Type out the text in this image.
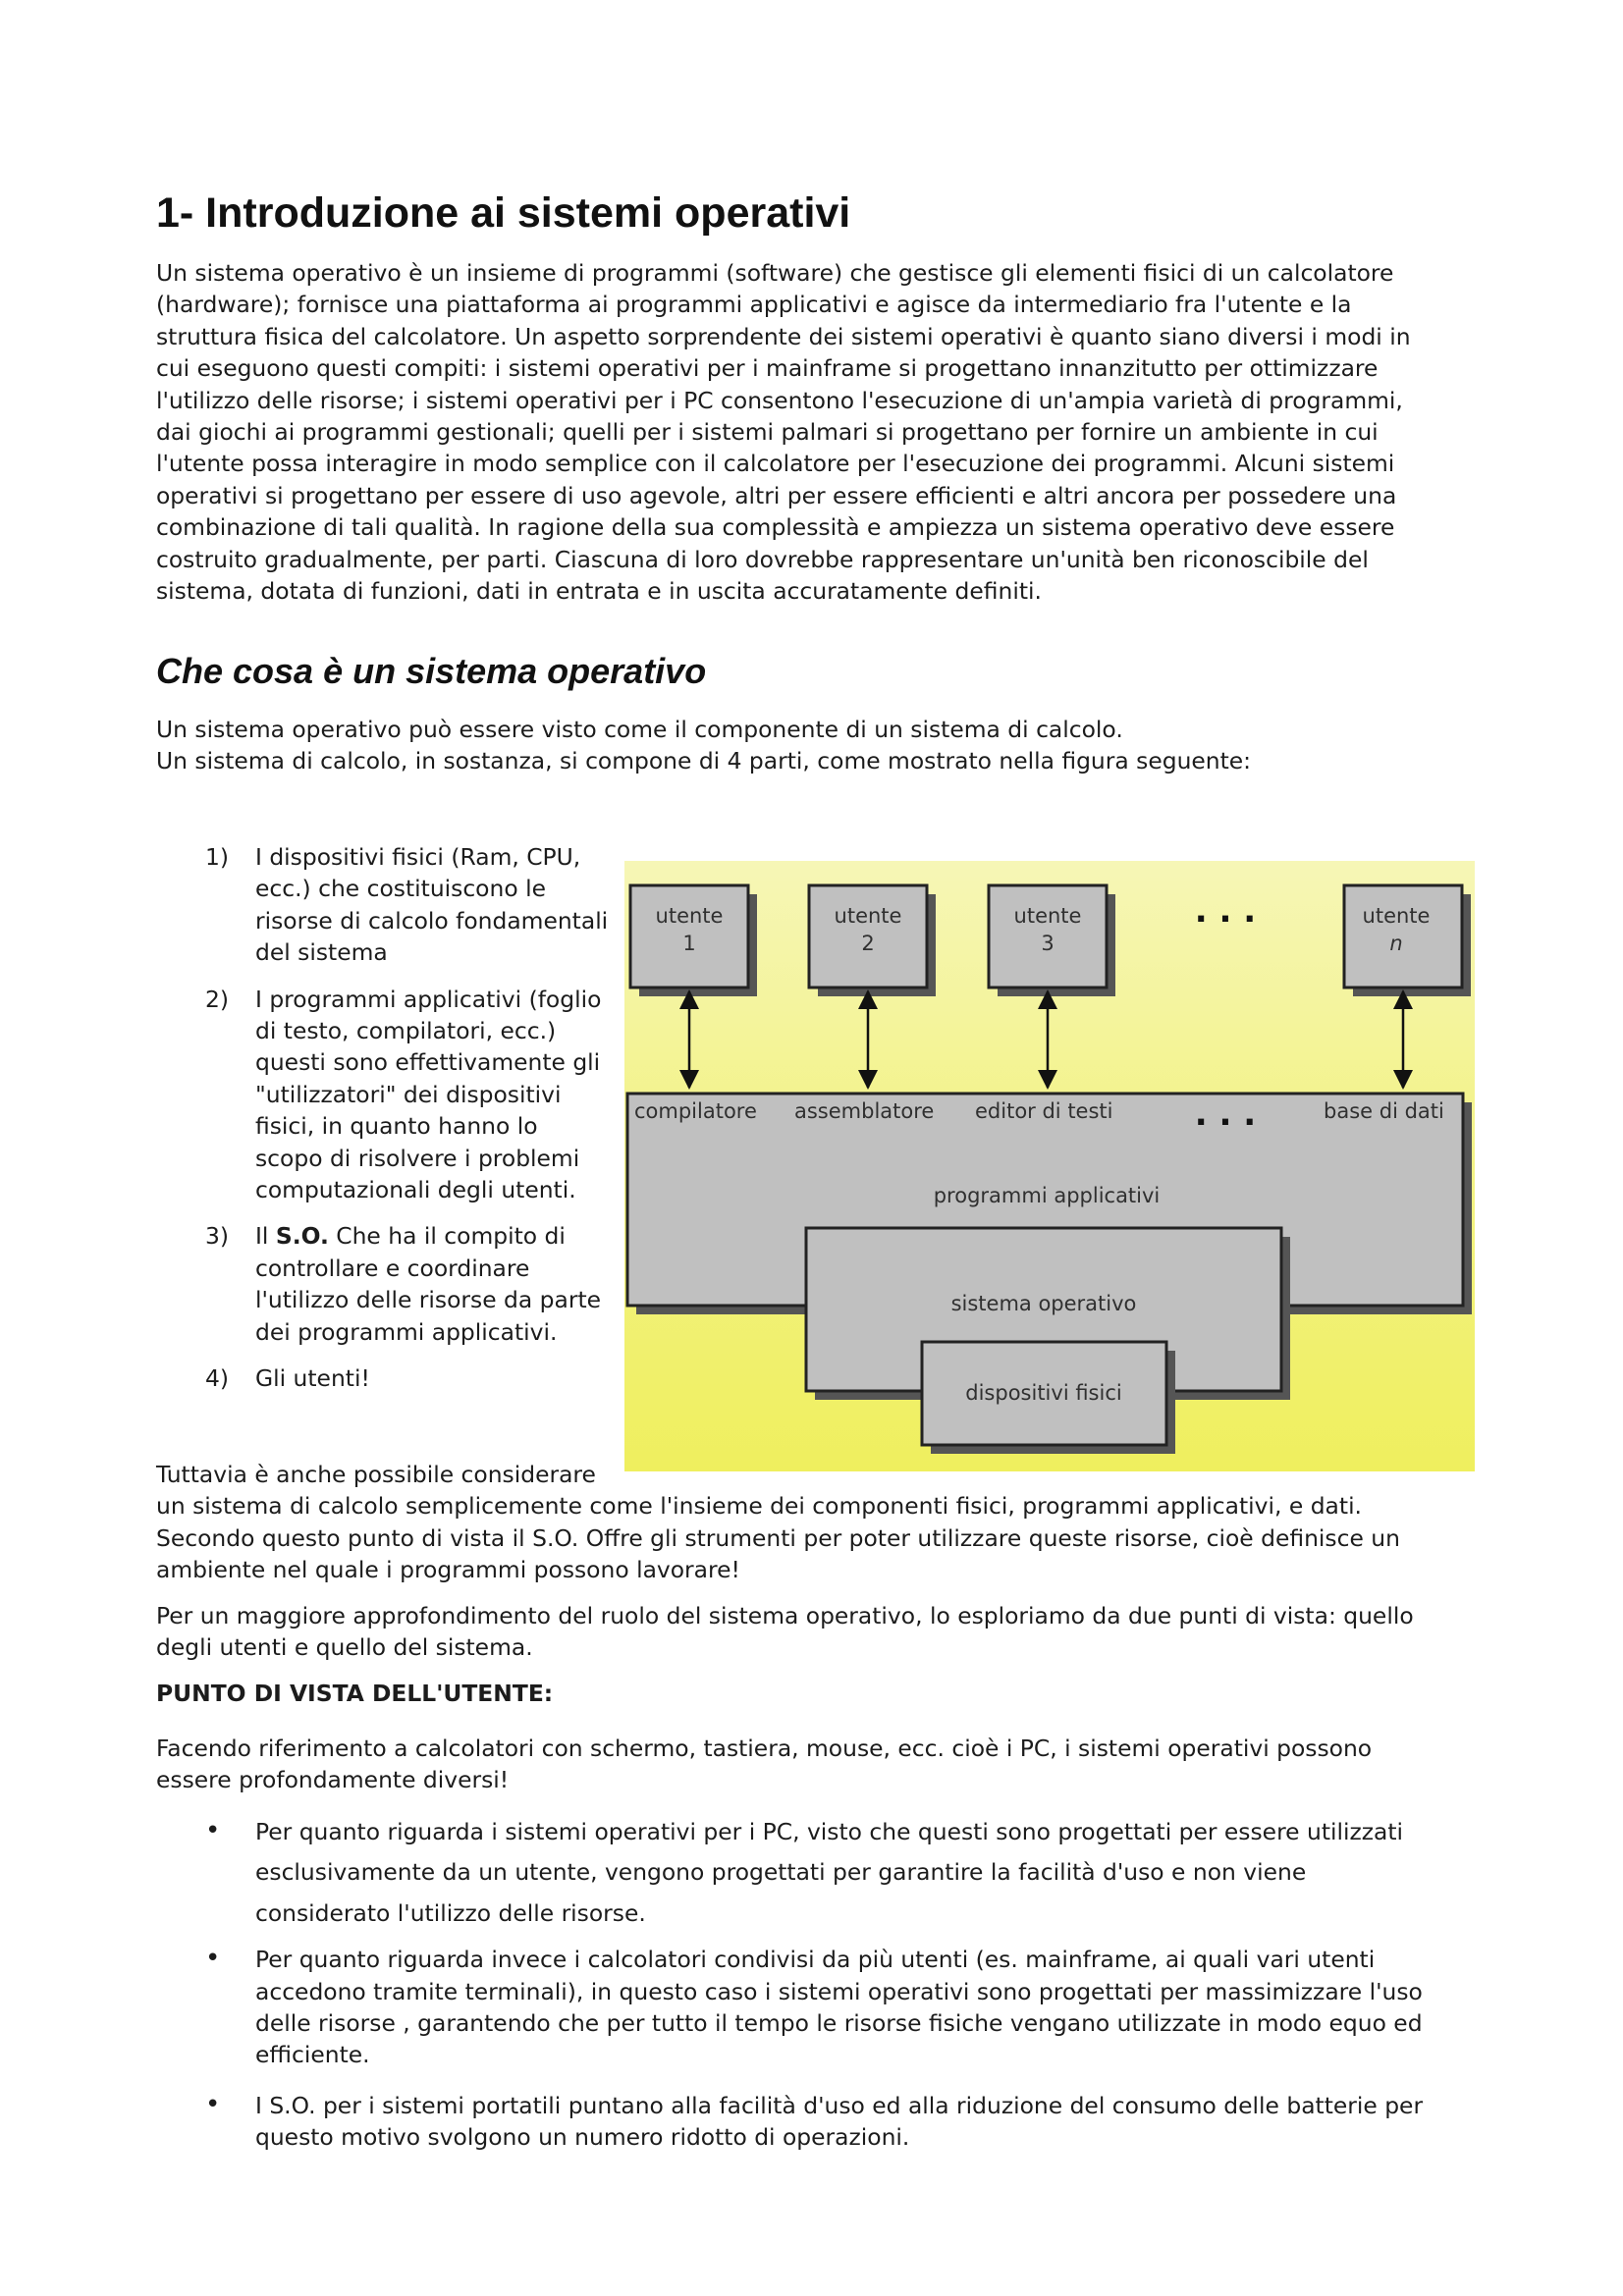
1- Introduzione ai sistemi operativi

Un sistema operativo è un insieme di programmi (software) che gestisce gli elementi fisici di un calcolatore
(hardware); fornisce una piattaforma ai programmi applicativi e agisce da intermediario fra l'utente e la
struttura fisica del calcolatore. Un aspetto sorprendente dei sistemi operativi è quanto siano diversi i modi in
cui eseguono questi compiti: i sistemi operativi per i mainframe si progettano innanzitutto per ottimizzare
l'utilizzo delle risorse; i sistemi operativi per i PC consentono l'esecuzione di un'ampia varietà di programmi,
dai giochi ai programmi gestionali; quelli per i sistemi palmari si progettano per fornire un ambiente in cui
l'utente possa interagire in modo semplice con il calcolatore per l'esecuzione dei programmi. Alcuni sistemi
operativi si progettano per essere di uso agevole, altri per essere efficienti e altri ancora per possedere una
combinazione di tali qualità. In ragione della sua complessità e ampiezza un sistema operativo deve essere
costruito gradualmente, per parti. Ciascuna di loro dovrebbe rappresentare un'unità ben riconoscibile del
sistema, dotata di funzioni, dati in entrata e in uscita accuratamente definiti.

Che cosa è un sistema operativo

Un sistema operativo può essere visto come il componente di un sistema di calcolo.
Un sistema di calcolo, in sostanza, si compone di 4 parti, come mostrato nella figura seguente:

1) I dispositivi fisici (Ram, CPU,
ecc.) che costituiscono le
risorse di calcolo fondamentali
del sistema
2) I programmi applicativi (foglio
di testo, compilatori, ecc.)
questi sono effettivamente gli
"utilizzatori" dei dispositivi
fisici, in quanto hanno lo
scopo di risolvere i problemi
computazionali degli utenti.
3) Il S.O. Che ha il compito di
controllare e coordinare
l'utilizzo delle risorse da parte
dei programmi applicativi.
4) Gli utenti!
utente
1
utente
2
utente
3
utente
n
. . .
compilatore assemblatore editor di testi	base di dati
. . .
programmi applicativi
sistema operativo
dispositivi fisici

Tuttavia è anche possibile considerare
un sistema di calcolo semplicemente come l'insieme dei componenti fisici, programmi applicativi, e dati.
Secondo questo punto di vista il S.O. Offre gli strumenti per poter utilizzare queste risorse, cioè definisce un
ambiente nel quale i programmi possono lavorare!

Per un maggiore approfondimento del ruolo del sistema operativo, lo esploriamo da due punti di vista: quello
degli utenti e quello del sistema.

PUNTO DI VISTA DELL'UTENTE:

Facendo riferimento a calcolatori con schermo, tastiera, mouse, ecc. cioè i PC, i sistemi operativi possono
essere profondamente diversi!

• Per quanto riguarda i sistemi operativi per i PC, visto che questi sono progettati per essere utilizzati
esclusivamente da un utente, vengono progettati per garantire la facilità d'uso e non viene
considerato l'utilizzo delle risorse.
• Per quanto riguarda invece i calcolatori condivisi da più utenti (es. mainframe, ai quali vari utenti
accedono tramite terminali), in questo caso i sistemi operativi sono progettati per massimizzare l'uso
delle risorse , garantendo che per tutto il tempo le risorse fisiche vengano utilizzate in modo equo ed
efficiente.
• I S.O. per i sistemi portatili puntano alla facilità d'uso ed alla riduzione del consumo delle batterie per
questo motivo svolgono un numero ridotto di operazioni.
